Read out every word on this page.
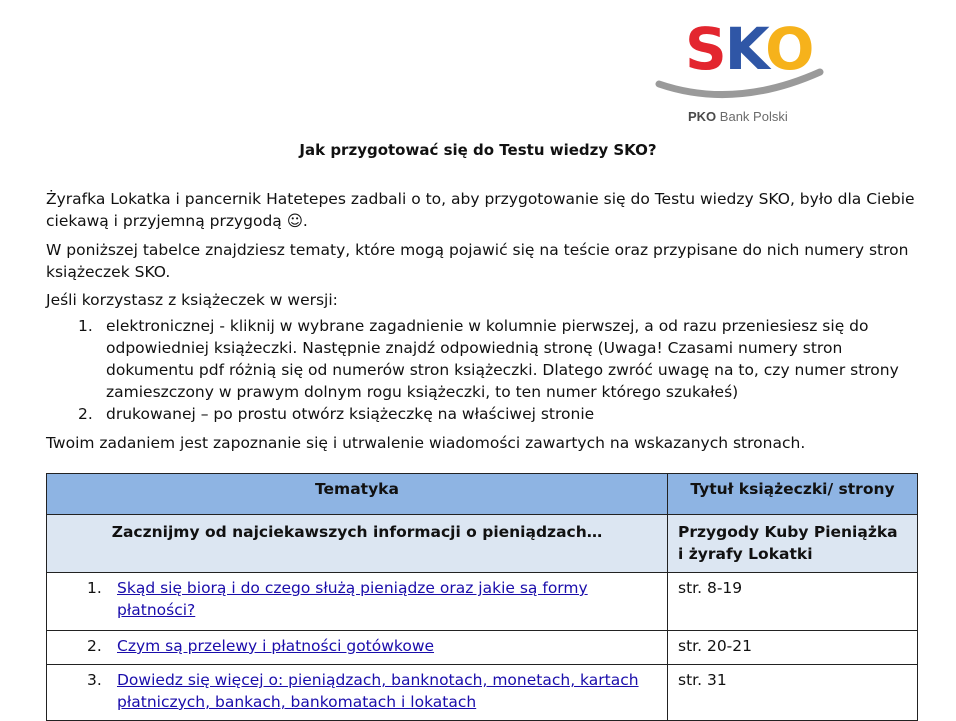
SKO
PKO Bank Polski
Jak przygotować się do Testu wiedzy SKO?
Żyrafka Lokatka i pancernik Hatetepes zadbali o to, aby przygotowanie się do Testu wiedzy SKO, było dla Ciebie ciekawą i przyjemną przygodą ☺.
W poniższej tabelce znajdziesz tematy, które mogą pojawić się na teście oraz przypisane do nich numery stron książeczek SKO.
Jeśli korzystasz z książeczek w wersji:
1. elektronicznej - kliknij w wybrane zagadnienie w kolumnie pierwszej, a od razu przeniesiesz się do odpowiedniej książeczki. Następnie znajdź odpowiednią stronę (Uwaga! Czasami numery stron dokumentu pdf różnią się od numerów stron książeczki. Dlatego zwróć uwagę na to, czy numer strony zamieszczony w prawym dolnym rogu książeczki, to ten numer którego szukałeś)
2. drukowanej – po prostu otwórz książeczkę na właściwej stronie
Twoim zadaniem jest zapoznanie się i utrwalenie wiadomości zawartych na wskazanych stronach.
Tematyka	Tytuł książeczki/ strony
Zacznijmy od najciekawszych informacji o pieniądzach…	Przygody Kuby Pieniążka
i żyrafy Lokatki

1. Skąd się biorą i do czego służą pieniądze oraz jakie są formy płatności?	str. 8-19

2. Czym są przelewy i płatności gotówkowe	str. 20-21

3. Dowiedz się więcej o: pieniądzach, banknotach, monetach, kartach płatniczych, bankach, bankomatach i lokatach	str. 31
